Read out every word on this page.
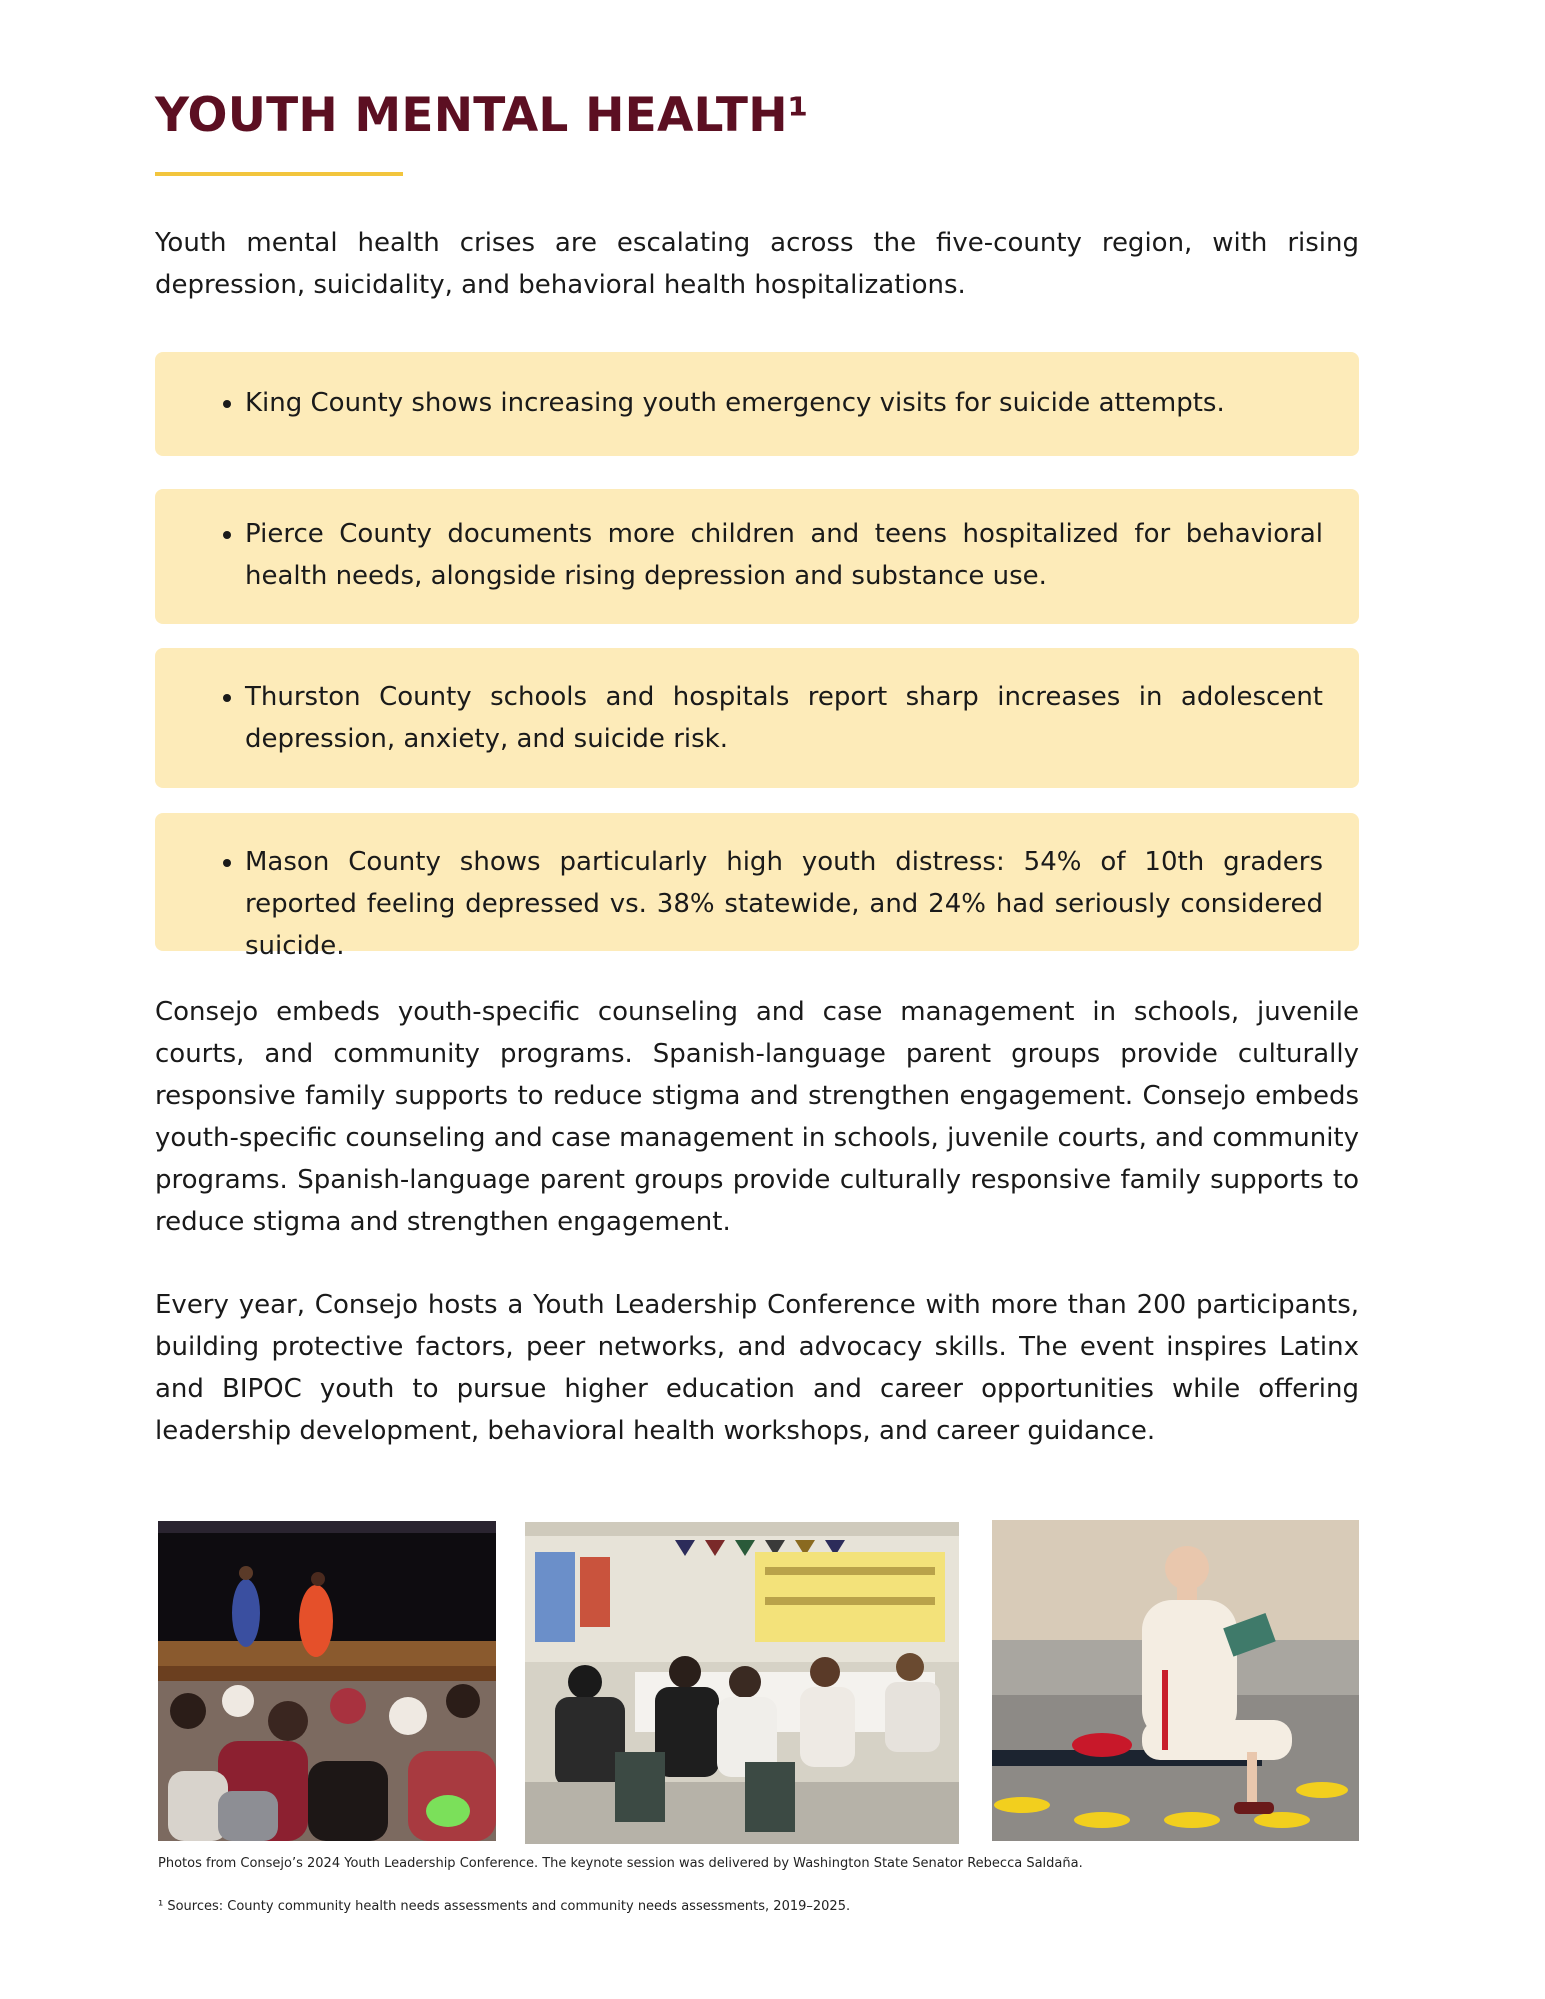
YOUTH MENTAL HEALTH¹

Youth mental health crises are escalating across the five-county region, with rising depression, suicidality, and behavioral health hospitalizations.

• King County shows increasing youth emergency visits for suicide attempts.
• Pierce County documents more children and teens hospitalized for behavioral health needs, alongside rising depression and substance use.
• Thurston County schools and hospitals report sharp increases in adolescent depression, anxiety, and suicide risk.
• Mason County shows particularly high youth distress: 54% of 10th graders reported feeling depressed vs. 38% statewide, and 24% had seriously considered suicide.

Consejo embeds youth-specific counseling and case management in schools, juvenile courts, and community programs. Spanish-language parent groups provide culturally responsive family supports to reduce stigma and strengthen engagement. Consejo embeds youth-specific counseling and case management in schools, juvenile courts, and community programs. Spanish-language parent groups provide culturally responsive family supports to reduce stigma and strengthen engagement.

Every year, Consejo hosts a Youth Leadership Conference with more than 200 participants, building protective factors, peer networks, and advocacy skills. The event inspires Latinx and BIPOC youth to pursue higher education and career opportunities while offering leadership development, behavioral health workshops, and career guidance.

Photos from Consejo’s 2024 Youth Leadership Conference. The keynote session was delivered by Washington State Senator Rebecca Saldaña.

¹ Sources: County community health needs assessments and community needs assessments, 2019–2025.
